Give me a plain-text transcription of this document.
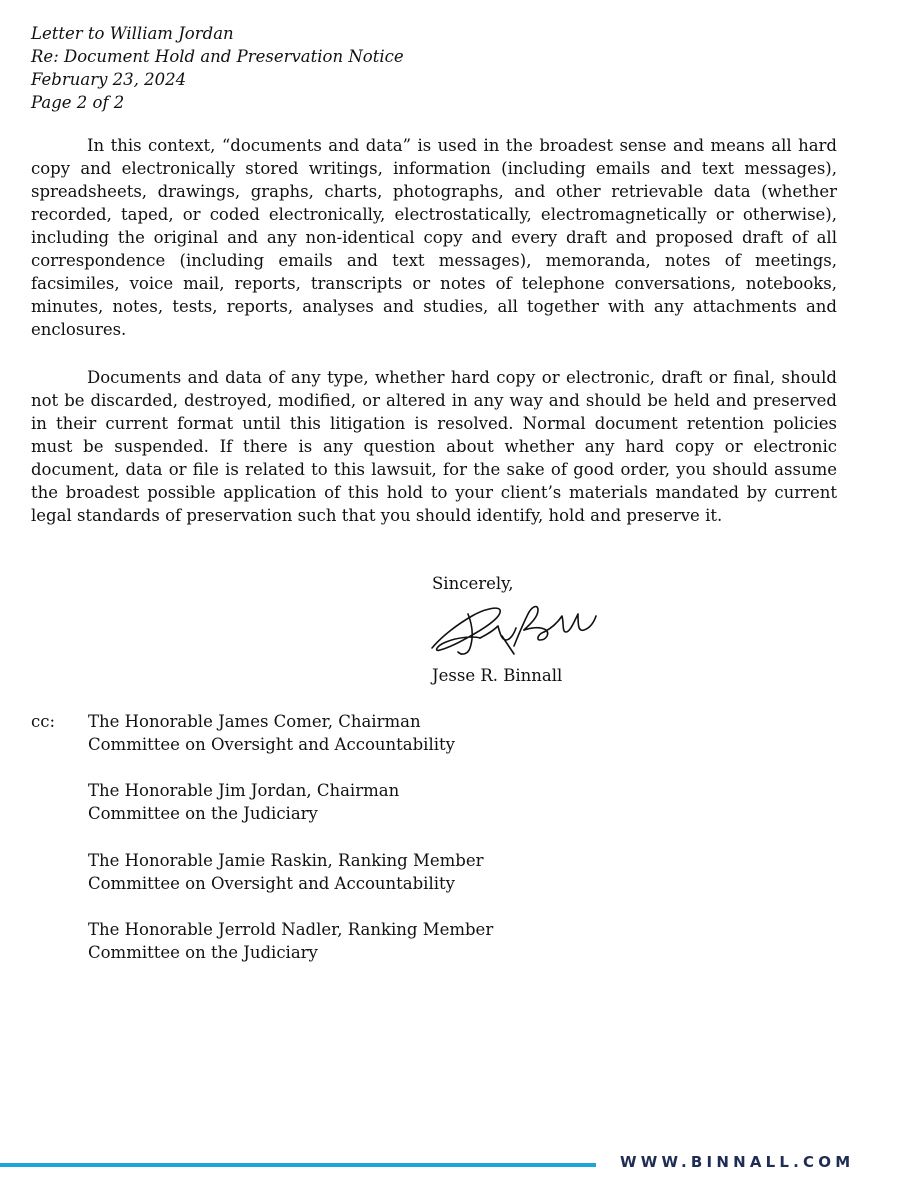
Letter to William Jordan
Re: Document Hold and Preservation Notice
February 23, 2024
Page 2 of 2

In this context, “documents and data” is used in the broadest sense and means all hard copy and electronically stored writings, information (including emails and text messages), spreadsheets, drawings, graphs, charts, photographs, and other retrievable data (whether recorded, taped, or coded electronically, electrostatically, electromagnetically or otherwise), including the original and any non-identical copy and every draft and proposed draft of all correspondence (including emails and text messages), memoranda, notes of meetings, facsimiles, voice mail, reports, transcripts or notes of telephone conversations, notebooks, minutes, notes, tests, reports, analyses and studies, all together with any attachments and enclosures.

Documents and data of any type, whether hard copy or electronic, draft or final, should not be discarded, destroyed, modified, or altered in any way and should be held and preserved in their current format until this litigation is resolved. Normal document retention policies must be suspended. If there is any question about whether any hard copy or electronic document, data or file is related to this lawsuit, for the sake of good order, you should assume the broadest possible application of this hold to your client’s materials mandated by current legal standards of preservation such that you should identify, hold and preserve it.

Sincerely,
Jesse R. Binnall
cc: The Honorable James Comer, Chairman
Committee on Oversight and Accountability
The Honorable Jim Jordan, Chairman
Committee on the Judiciary
The Honorable Jamie Raskin, Ranking Member
Committee on Oversight and Accountability
The Honorable Jerrold Nadler, Ranking Member
Committee on the Judiciary
WWW.BINNALL.COM
